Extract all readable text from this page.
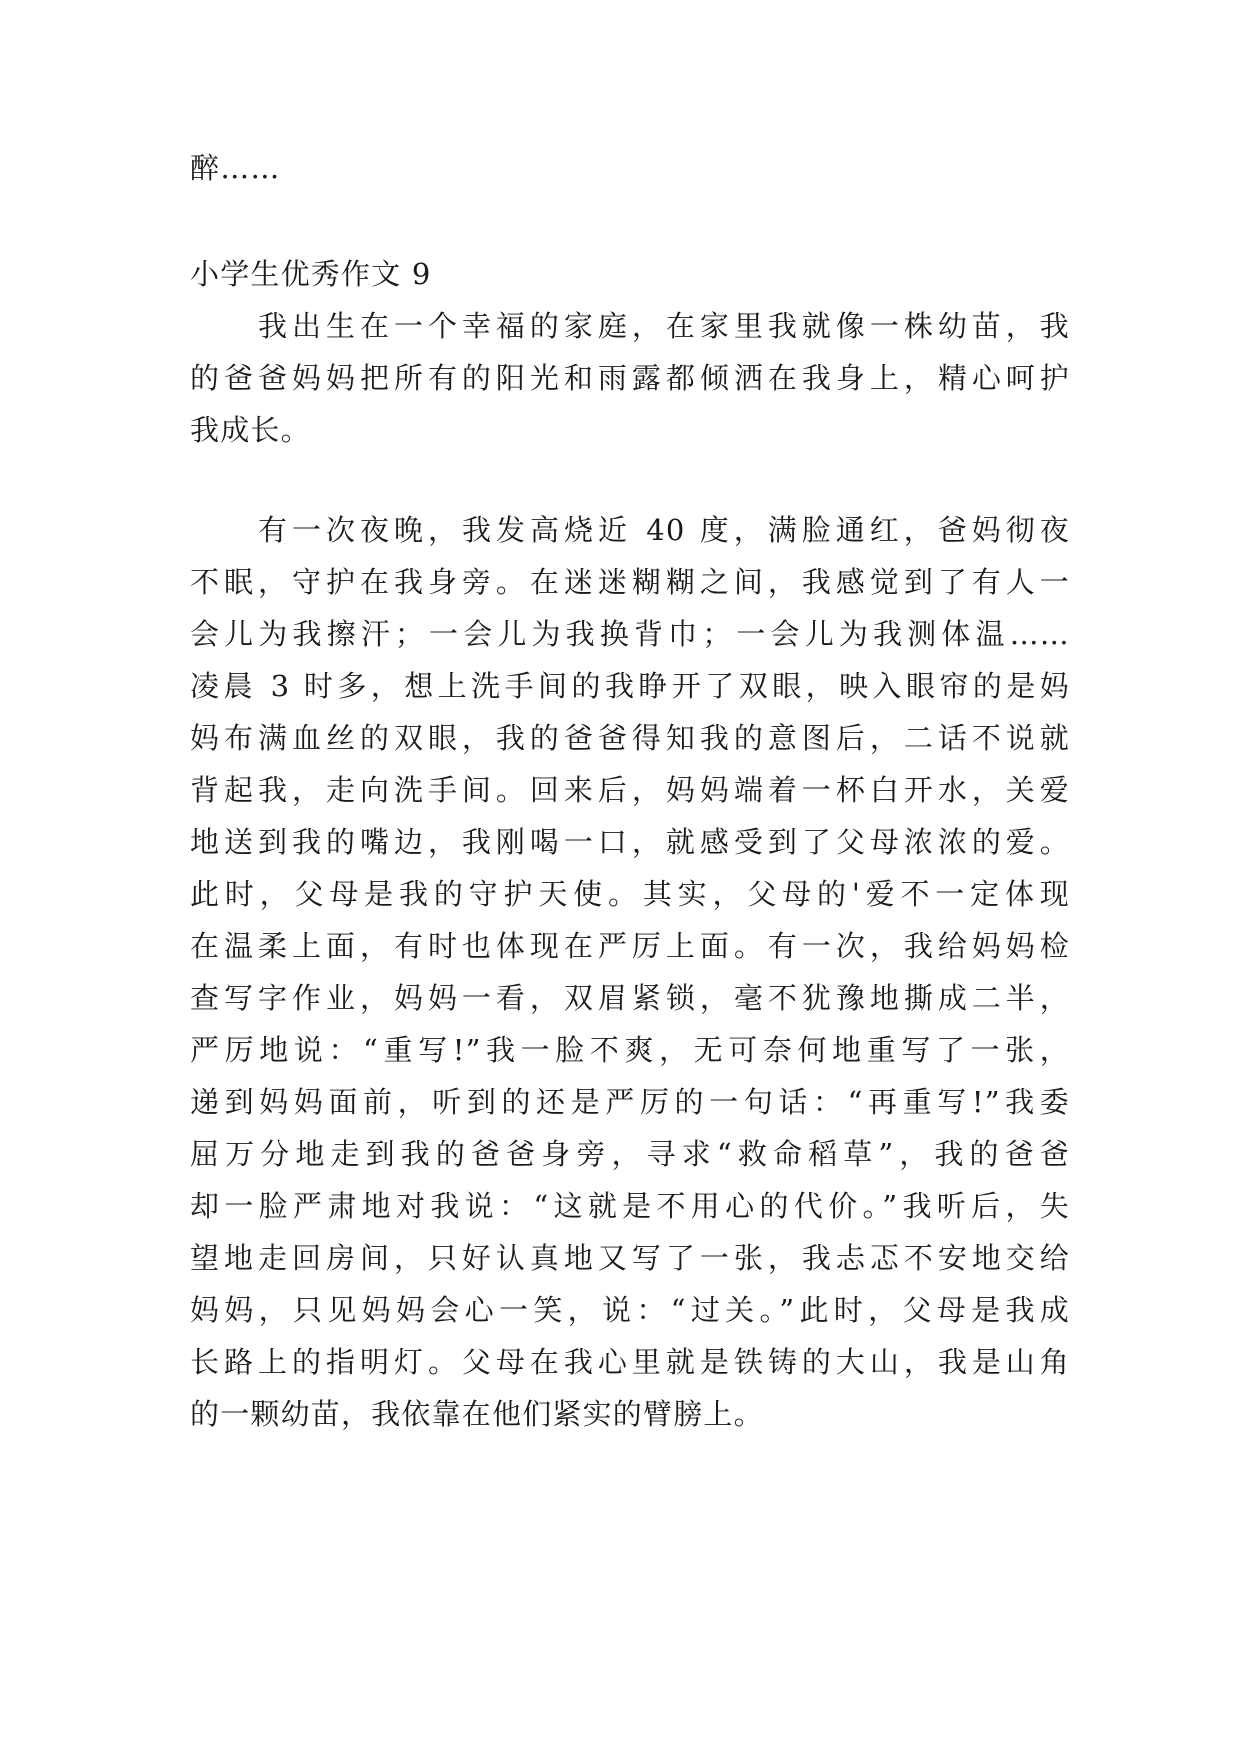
醉……
小学生优秀作文 9
我出生在一个幸福的家庭，在家里我就像一株幼苗，我
的爸爸妈妈把所有的阳光和雨露都倾洒在我身上，精心呵护
我成长。
有一次夜晚，我发高烧近 40 度，满脸通红，爸妈彻夜
不眠，守护在我身旁。在迷迷糊糊之间，我感觉到了有人一
会儿为我擦汗；一会儿为我换背巾；一会儿为我测体温……
凌晨 3 时多，想上洗手间的我睁开了双眼，映入眼帘的是妈
妈布满血丝的双眼，我的爸爸得知我的意图后，二话不说就
背起我，走向洗手间。回来后，妈妈端着一杯白开水，关爱
地送到我的嘴边，我刚喝一口，就感受到了父母浓浓的爱。
此时，父母是我的守护天使。其实，父母的'爱不一定体现
在温柔上面，有时也体现在严厉上面。有一次，我给妈妈检
查写字作业，妈妈一看，双眉紧锁，毫不犹豫地撕成二半，
严厉地说：“重写!”我一脸不爽，无可奈何地重写了一张，
递到妈妈面前，听到的还是严厉的一句话：“再重写!”我委
屈万分地走到我的爸爸身旁，寻求“救命稻草”，我的爸爸
却一脸严肃地对我说：“这就是不用心的代价。”我听后，失
望地走回房间，只好认真地又写了一张，我忐忑不安地交给
妈妈，只见妈妈会心一笑，说：“过关。”此时，父母是我成
长路上的指明灯。父母在我心里就是铁铸的大山，我是山角
的一颗幼苗，我依靠在他们紧实的臂膀上。
